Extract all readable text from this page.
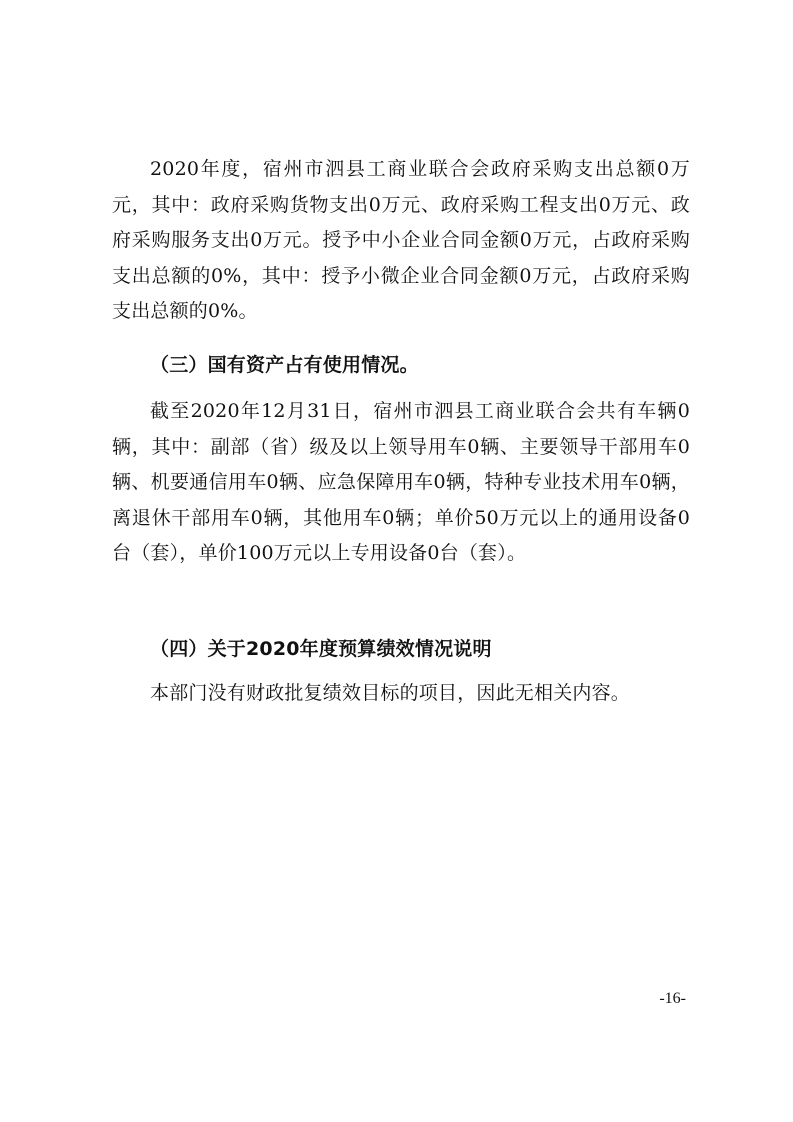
2020年度，宿州市泗县工商业联合会政府采购支出总额0万元，其中：政府采购货物支出0万元、政府采购工程支出0万元、政府采购服务支出0万元。授予中小企业合同金额0万元，占政府采购支出总额的0%，其中：授予小微企业合同金额0万元，占政府采购支出总额的0%。

（三）国有资产占有使用情况。

截至2020年12月31日，宿州市泗县工商业联合会共有车辆0辆，其中：副部（省）级及以上领导用车0辆、主要领导干部用车0辆、机要通信用车0辆、应急保障用车0辆，特种专业技术用车0辆，离退休干部用车0辆，其他用车0辆；单价50万元以上的通用设备0台（套），单价100万元以上专用设备0台（套）。

（四）关于2020年度预算绩效情况说明

本部门没有财政批复绩效目标的项目，因此无相关内容。

-16-
